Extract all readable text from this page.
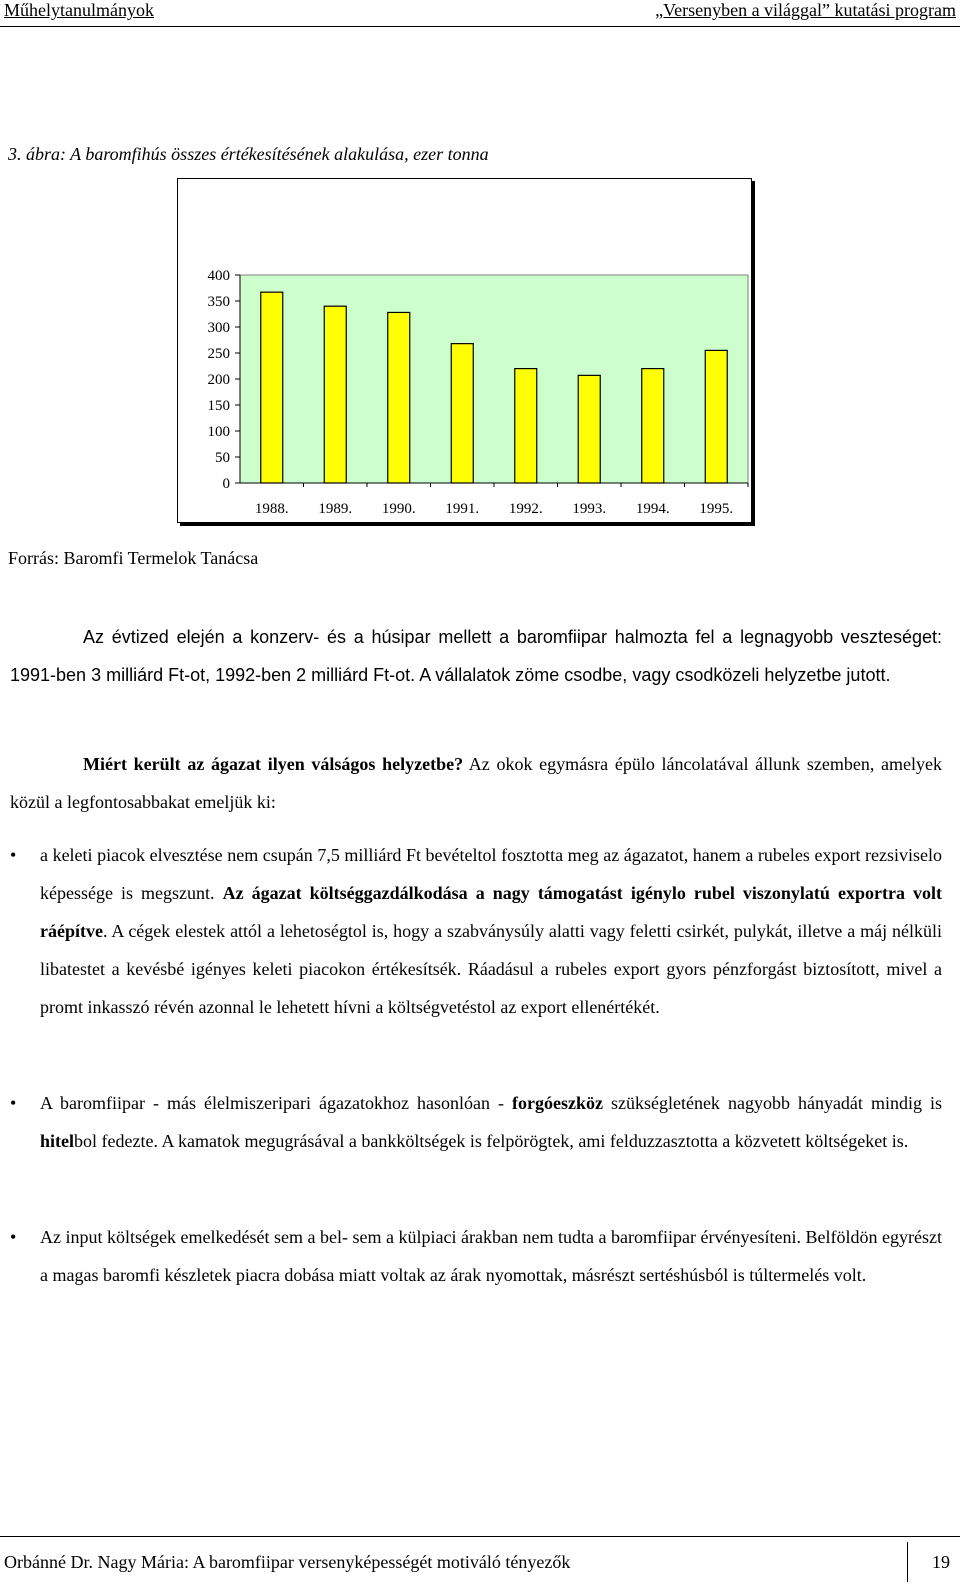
Műhelytanulmányok	„Versenyben a világgal” kutatási program
3. ábra: A baromfihús összes értékesítésének alakulása, ezer tonna
0
50
100
150
200
250
300
350
400
1988. 1989. 1990. 1991. 1992. 1993. 1994. 1995.
Forrás: Baromfi Termelok Tanácsa
Az évtized elején a konzerv- és a húsipar mellett a baromfiipar halmozta fel a legnagyobb veszteséget: 1991-ben 3 milliárd Ft-ot, 1992-ben 2 milliárd Ft-ot. A vállalatok zöme csodbe, vagy csodközeli helyzetbe jutott.
Miért került az ágazat ilyen válságos helyzetbe? Az okok egymásra épülo láncolatával állunk szemben, amelyek közül a legfontosabbakat emeljük ki:
• a keleti piacok elvesztése nem csupán 7,5 milliárd Ft bevételtol fosztotta meg az ágazatot, hanem a rubeles export rezsiviselo képessége is megszunt. Az ágazat költséggazdálkodása a nagy támogatást igénylo rubel viszonylatú exportra volt ráépítve. A cégek elestek attól a lehetoségtol is, hogy a szabványsúly alatti vagy feletti csirkét, pulykát, illetve a máj nélküli libatestet a kevésbé igényes keleti piacokon értékesítsék. Ráadásul a rubeles export gyors pénzforgást biztosított, mivel a promt inkasszó révén azonnal le lehetett hívni a költségvetéstol az export ellenértékét.
• A baromfiipar - más élelmiszeripari ágazatokhoz hasonlóan - forgóeszköz szükségletének nagyobb hányadát mindig is hitelbol fedezte. A kamatok megugrásával a bankköltségek is felpörögtek, ami felduzzasztotta a közvetett költségeket is.
• Az input költségek emelkedését sem a bel- sem a külpiaci árakban nem tudta a baromfiipar érvényesíteni. Belföldön egyrészt a magas baromfi készletek piacra dobása miatt voltak az árak nyomottak, másrészt sertéshúsból is túltermelés volt.
Orbánné Dr. Nagy Mária: A baromfiipar versenyképességét motiváló tényezők	19
